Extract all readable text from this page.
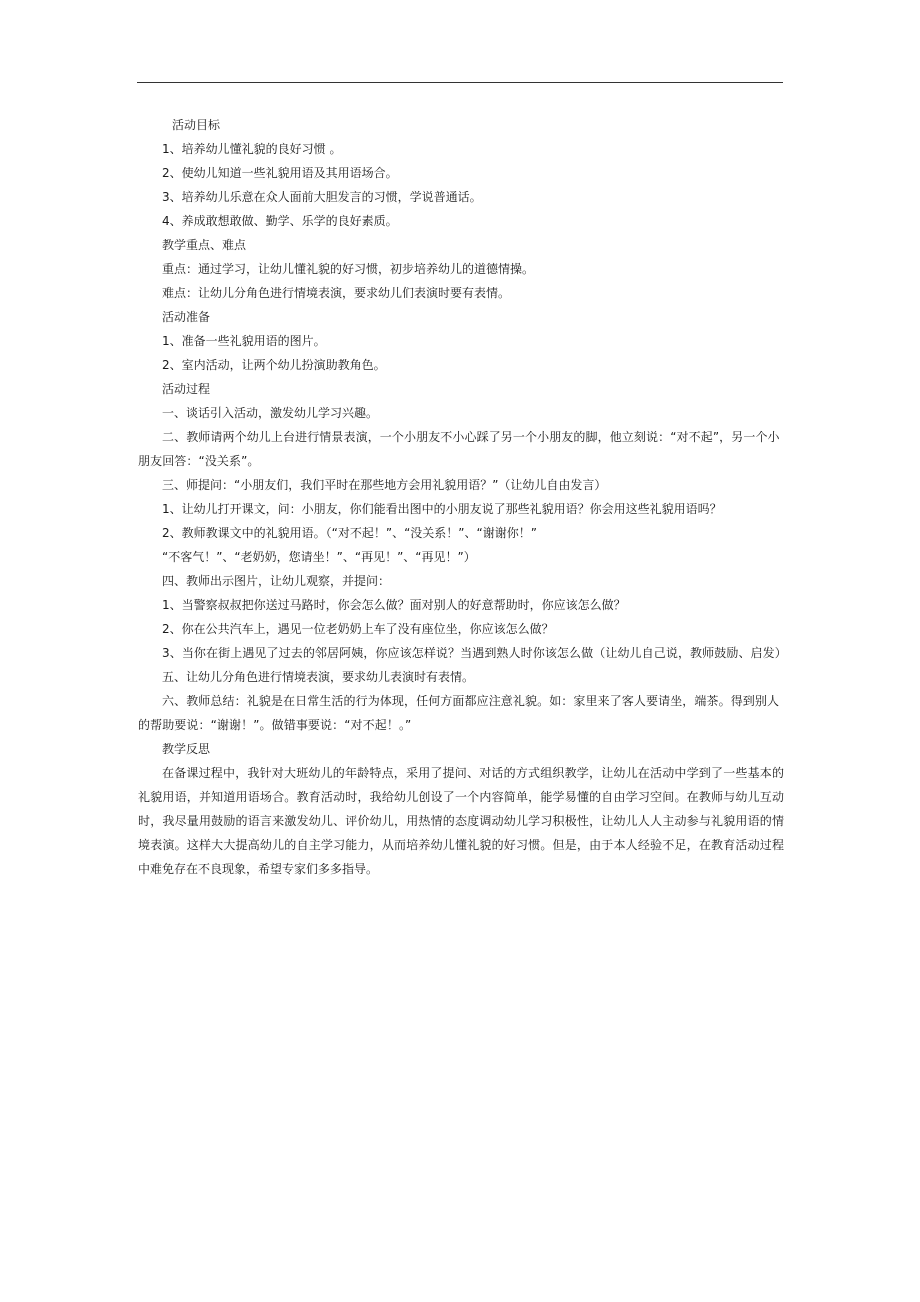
活动目标
1、培养幼儿懂礼貌的良好习惯 。
2、使幼儿知道一些礼貌用语及其用语场合。
3、培养幼儿乐意在众人面前大胆发言的习惯，学说普通话。
4、养成敢想敢做、勤学、乐学的良好素质。
教学重点、难点
重点：通过学习，让幼儿懂礼貌的好习惯，初步培养幼儿的道德情操。
难点：让幼儿分角色进行情境表演，要求幼儿们表演时要有表情。
活动准备
1、准备一些礼貌用语的图片。
2、室内活动，让两个幼儿扮演助教角色。
活动过程
一、谈话引入活动，激发幼儿学习兴趣。

二、教师请两个幼儿上台进行情景表演，一个小朋友不小心踩了另一个小朋友的脚，他立刻说：“对不起”，另一个小朋友回答：“没关系”。

三、师提问：“小朋友们，我们平时在那些地方会用礼貌用语？”（让幼儿自由发言）
1、让幼儿打开课文，问：小朋友，你们能看出图中的小朋友说了那些礼貌用语？你会用这些礼貌用语吗？
2、教师教课文中的礼貌用语。（“对不起！”、“没关系！”、“谢谢你！”
“不客气！”、“老奶奶，您请坐！”、“再见！”、“再见！”）
四、教师出示图片，让幼儿观察，并提问：
1、当警察叔叔把你送过马路时，你会怎么做？面对别人的好意帮助时，你应该怎么做？
2、你在公共汽车上，遇见一位老奶奶上车了没有座位坐，你应该怎么做？

3、当你在街上遇见了过去的邻居阿姨，你应该怎样说？当遇到熟人时你该怎么做（让幼儿自己说，教师鼓励、启发）

五、让幼儿分角色进行情境表演，要求幼儿表演时有表情。

六、教师总结：礼貌是在日常生活的行为体现，任何方面都应注意礼貌。如：家里来了客人要请坐，端茶。得到别人的帮助要说：“谢谢！”。做错事要说：“对不起！。”

教学反思

在备课过程中，我针对大班幼儿的年龄特点，采用了提问、对话的方式组织教学，让幼儿在活动中学到了一些基本的礼貌用语，并知道用语场合。教育活动时，我给幼儿创设了一个内容简单，能学易懂的自由学习空间。在教师与幼儿互动时，我尽量用鼓励的语言来激发幼儿、评价幼儿，用热情的态度调动幼儿学习积极性，让幼儿人人主动参与礼貌用语的情境表演。这样大大提高幼儿的自主学习能力，从而培养幼儿懂礼貌的好习惯。但是，由于本人经验不足，在教育活动过程中难免存在不良现象，希望专家们多多指导。
